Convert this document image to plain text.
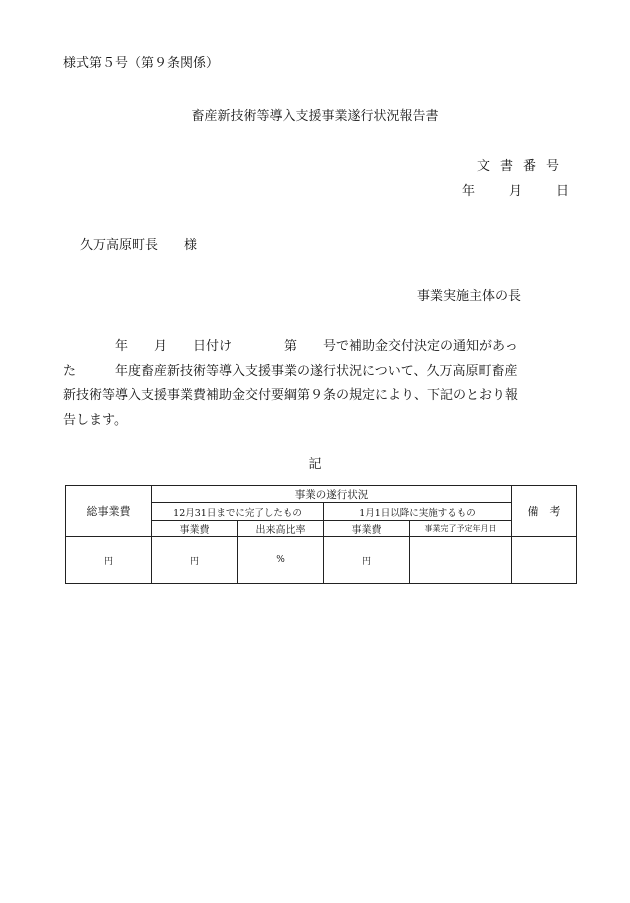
様式第５号（第９条関係）
畜産新技術等導入支援事業遂行状況報告書
文書番号
年	月	日
久万高原町長　　様
事業実施主体の長
　　　　年　　月　　日付け　　　　第　　号で補助金交付決定の通知があっ
た　　　年度畜産新技術等導入支援事業の遂行状況について、久万高原町畜産
新技術等導入支援事業費補助金交付要綱第９条の規定により、下記のとおり報
告します。
記
総事業費	事業の遂行状況				備　考
	12月31日までに完了したもの		1月1日以降に実施するもの		
	事業費	出来高比率	事業費	事業完了予定年月日	
円	円	%	円		
